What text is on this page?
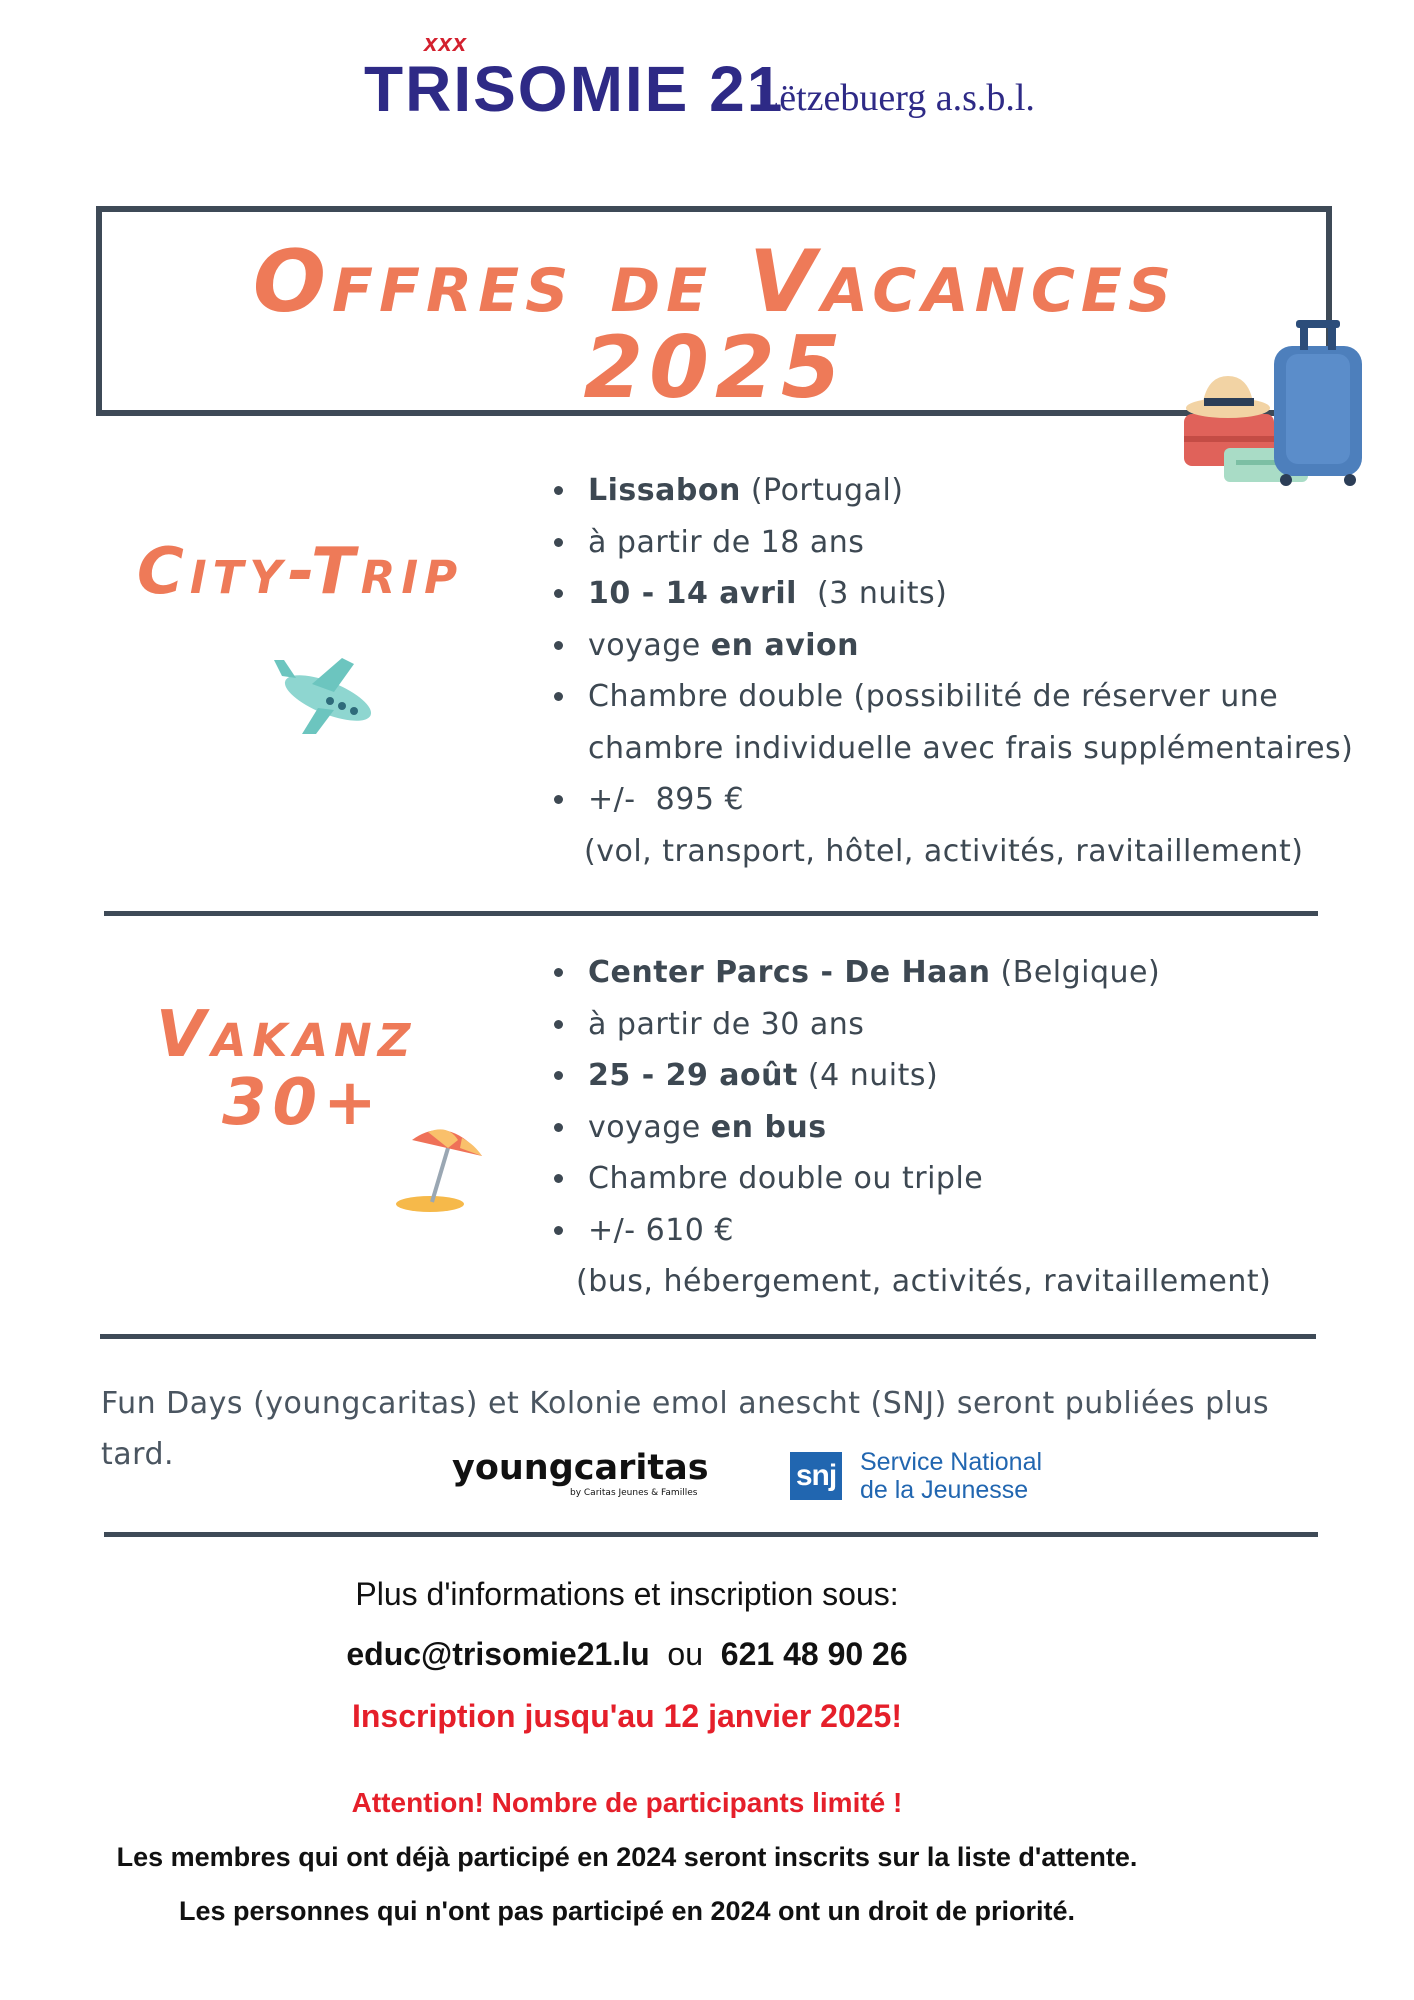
xxx
TRISOMIE 21
Lëtzebuerg a.s.b.l.
Offres de Vacances
2025
City-Trip
Lissabon (Portugal)
à partir de 18 ans
10 - 14 avril  (3 nuits)
voyage en avion
Chambre double (possibilité de réserver une
chambre individuelle avec frais supplémentaires)
+/-  895 €
(vol, transport, hôtel, activités, ravitaillement)
Vakanz
30+
Center Parcs - De Haan (Belgique)
à partir de 30 ans
25 - 29 août (4 nuits)
voyage en bus
Chambre double ou triple
+/- 610 €
(bus, hébergement, activités, ravitaillement)
Fun Days (youngcaritas) et Kolonie emol anescht (SNJ) seront publiées plus tard.	youngcaritas
by Caritas Jeunes & Familles
snj Service National
de la Jeunesse
Plus d'informations et inscription sous:
educ@trisomie21.lu ou 621 48 90 26
Inscription jusqu'au 12 janvier 2025!
Attention! Nombre de participants limité !
Les membres qui ont déjà participé en 2024 seront inscrits sur la liste d'attente.
Les personnes qui n'ont pas participé en 2024 ont un droit de priorité.
